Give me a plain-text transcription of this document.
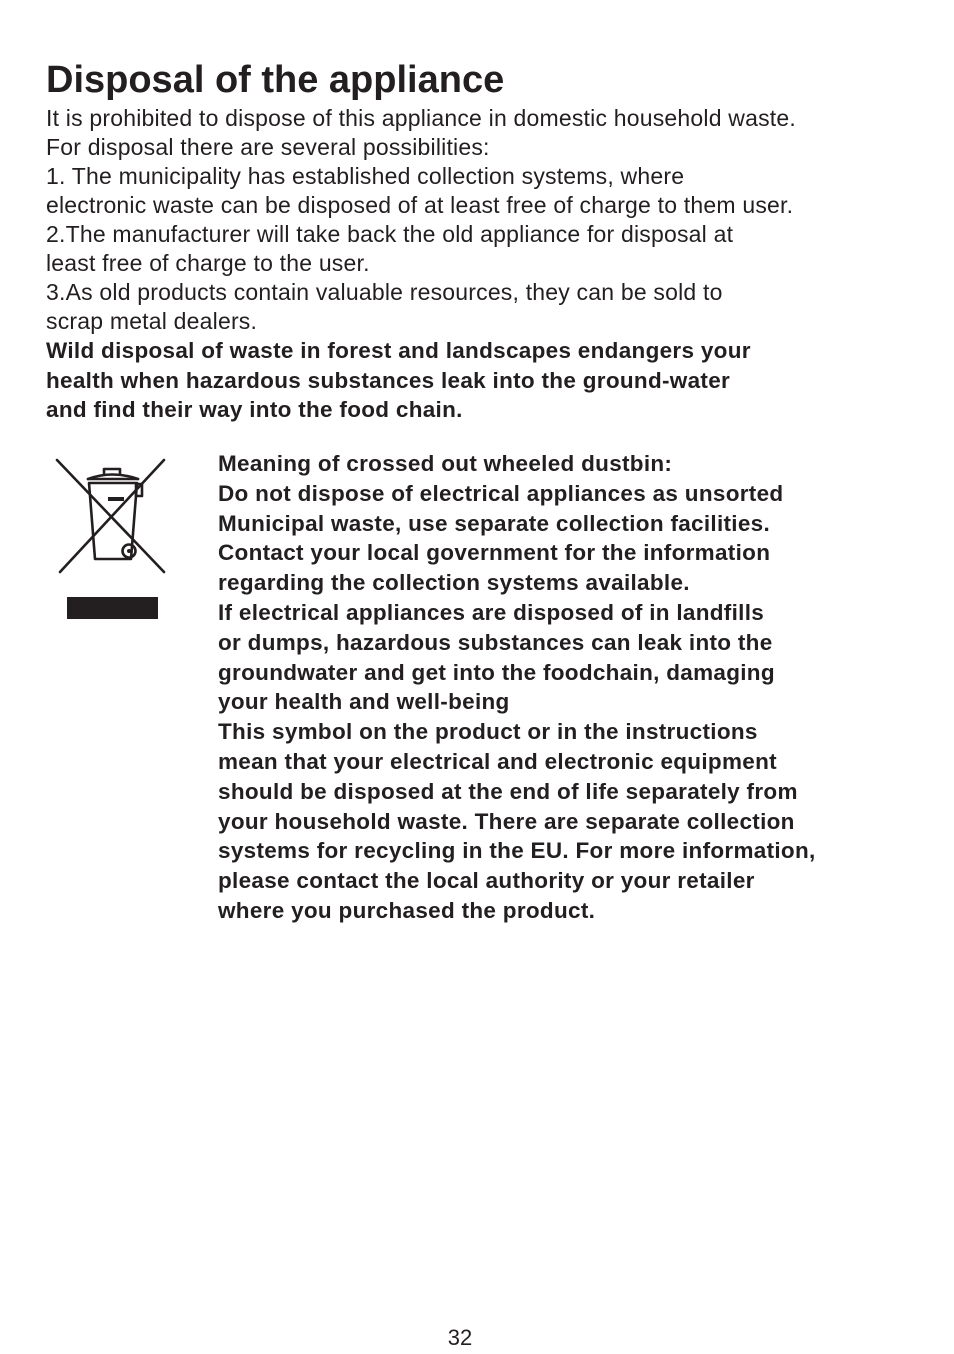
Disposal of the appliance
It is prohibited to dispose of this appliance in domestic household waste.
For disposal there are several possibilities:
1. The municipality has established collection systems, where
electronic waste can be disposed of at least free of charge to them user.
2.The manufacturer will take back the old appliance for disposal at
least free of charge to the user.
3.As old products contain valuable resources, they can be sold to
scrap metal dealers.
Wild disposal of waste in forest and landscapes endangers your
health when hazardous substances leak into the ground-water
and find their way into the food chain.
Meaning of crossed out wheeled dustbin:
Do not dispose of electrical appliances as unsorted
Municipal waste, use separate collection facilities.
Contact your local government for the information
regarding the collection systems available.
If electrical appliances are disposed of in landfills
or dumps, hazardous substances can leak into the
groundwater and get into the foodchain, damaging
your health and well-being
This symbol on the product or in the instructions
mean that your electrical and electronic equipment
should be disposed at the end of life separately from
your household waste. There are separate collection
systems for recycling in the EU. For more information,
please contact the local authority or your retailer
where you purchased the product.
32
